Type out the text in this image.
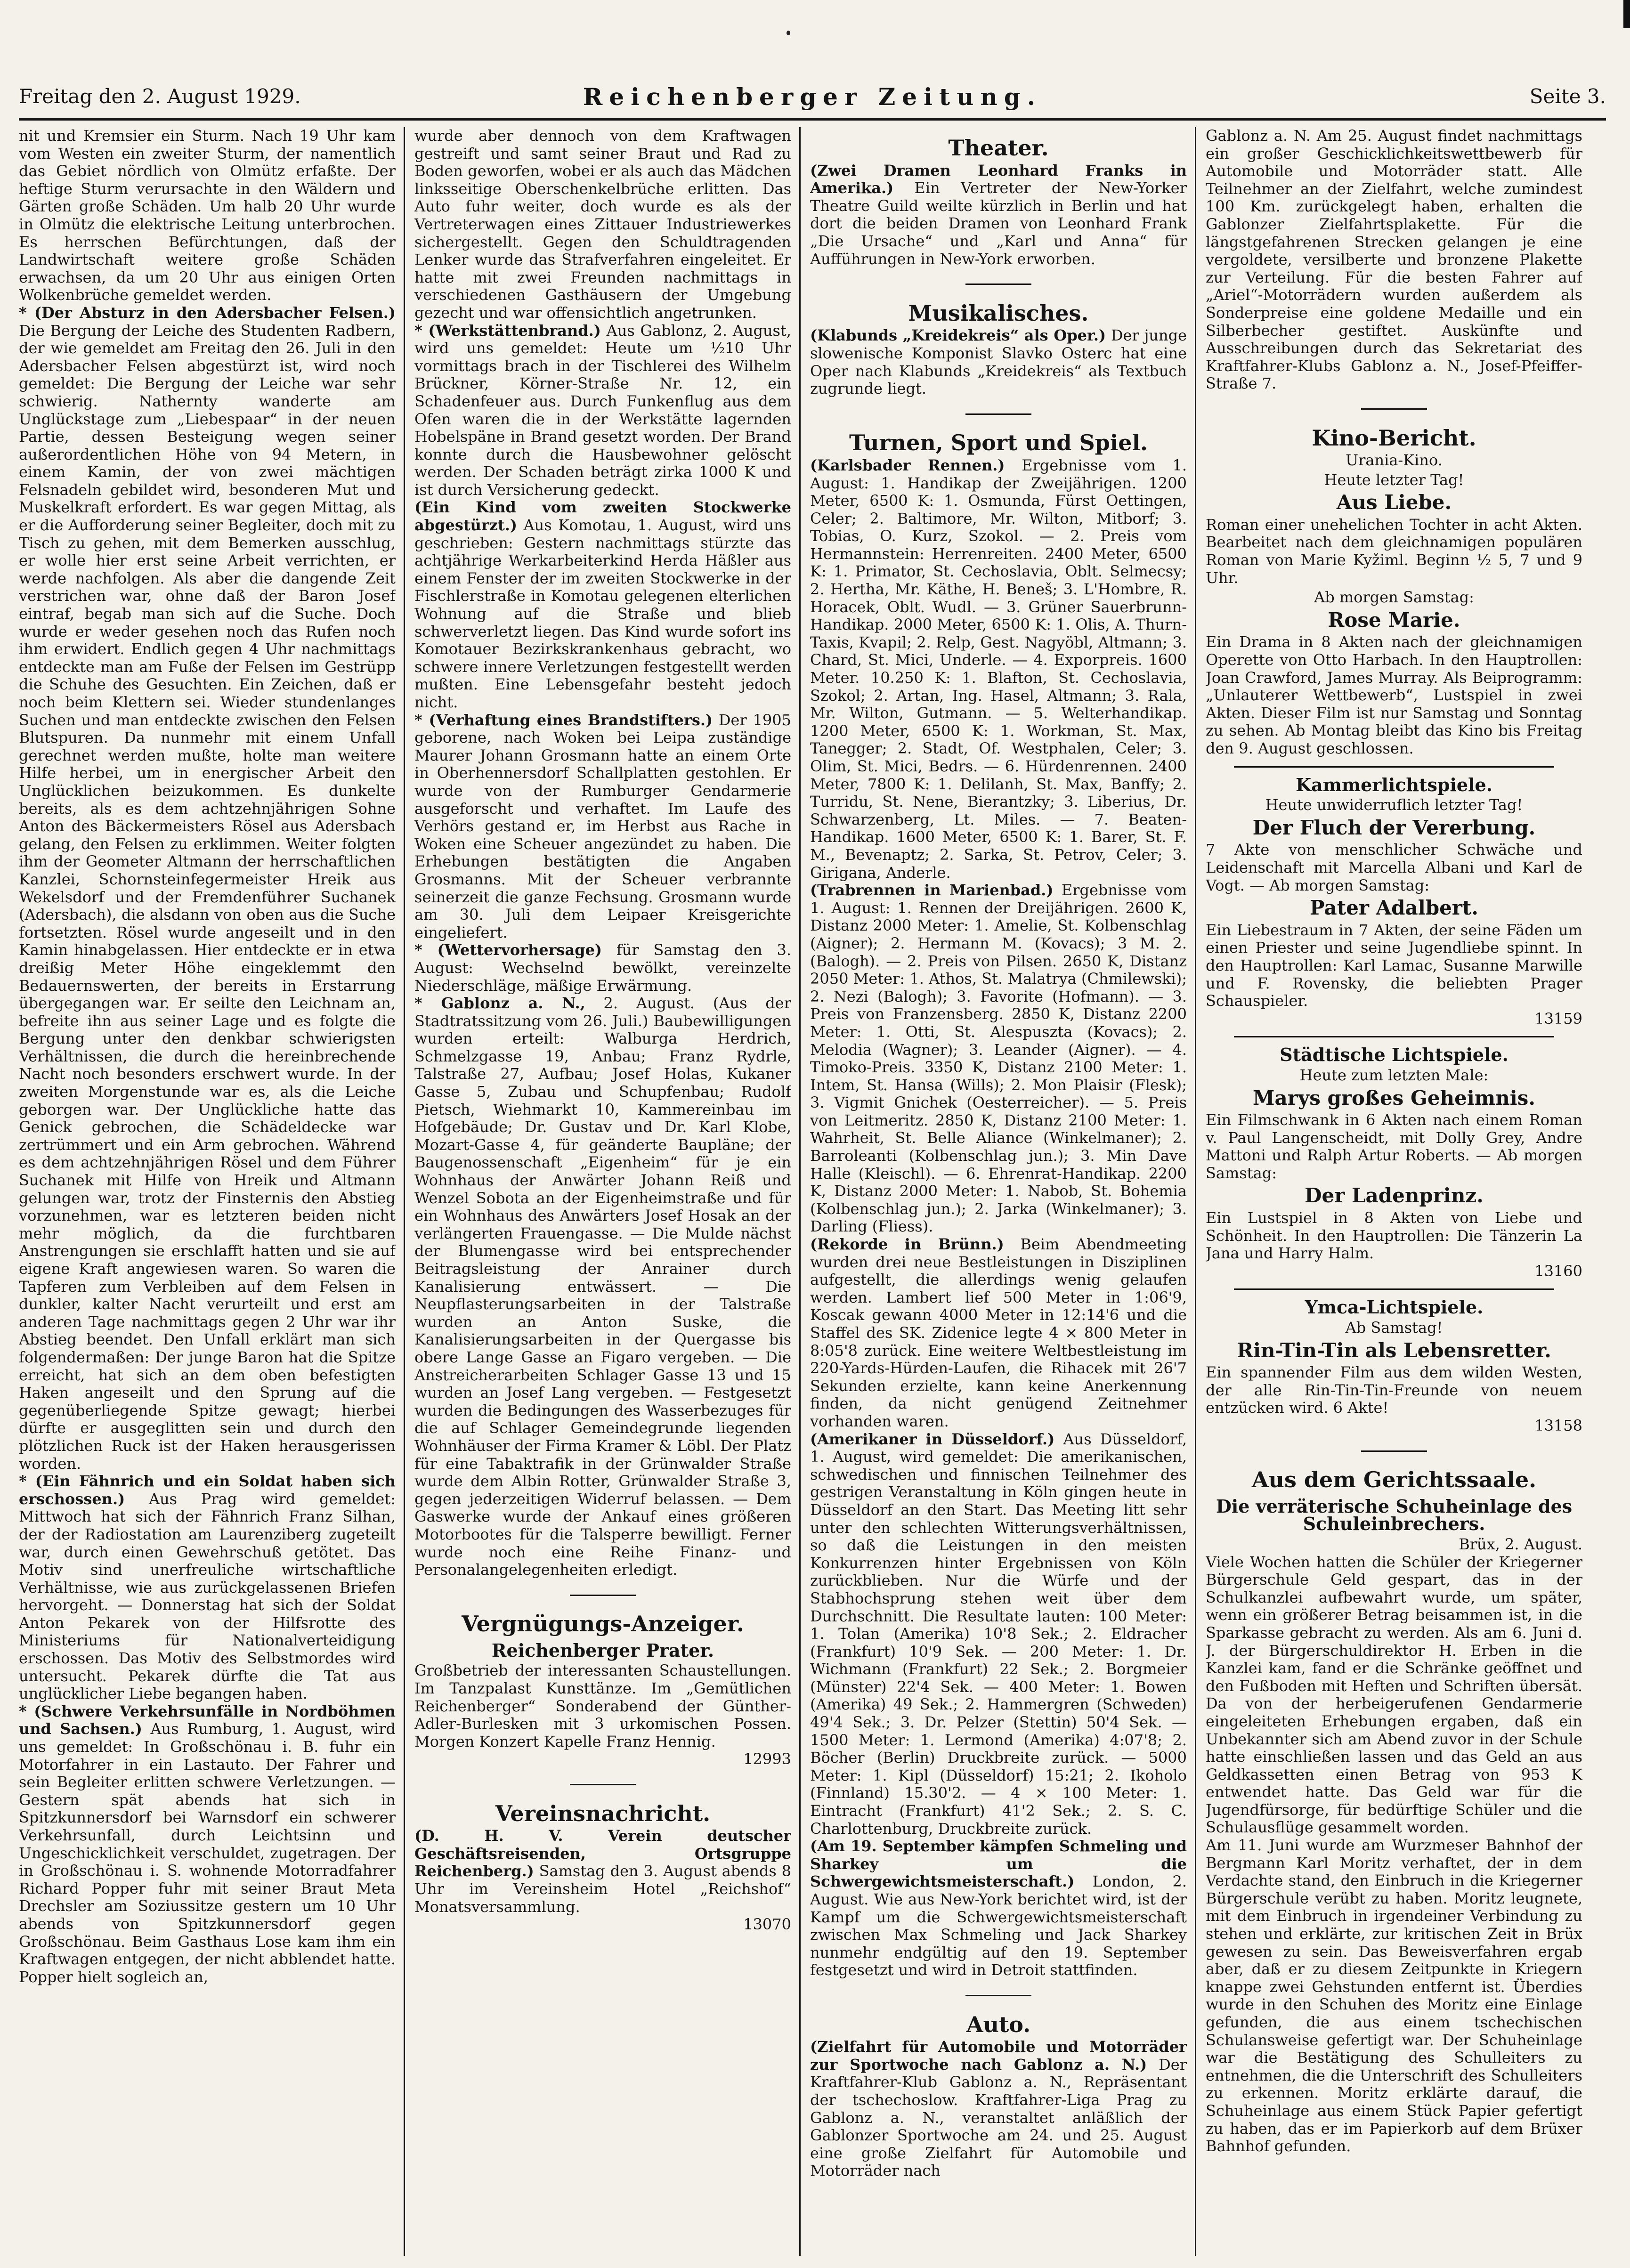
Freitag den 2. August 1929.	Reichenberger Zeitung.	Seite 3.

nit und Kremsier ein Sturm. Nach 19 Uhr kam vom Westen ein zweiter Sturm, der namentlich das Gebiet nördlich von Olmütz erfaßte. Der heftige Sturm verursachte in den Wäldern und Gärten große Schäden. Um halb 20 Uhr wurde in Olmütz die elektrische Leitung unterbrochen. Es herrschen Befürchtungen, daß der Landwirtschaft weitere große Schäden erwachsen, da um 20 Uhr aus einigen Orten Wolkenbrüche gemeldet werden.

* (Der Absturz in den Adersbacher Felsen.) Die Bergung der Leiche des Studenten Radbern, der wie gemeldet am Freitag den 26. Juli in den Adersbacher Felsen abgestürzt ist, wird noch gemeldet: Die Bergung der Leiche war sehr schwierig. Nathernty wanderte am Unglückstage zum „Liebespaar“ in der neuen Partie, dessen Besteigung wegen seiner außerordentlichen Höhe von 94 Metern, in einem Kamin, der von zwei mächtigen Felsnadeln gebildet wird, besonderen Mut und Muskelkraft erfordert. Es war gegen Mittag, als er die Aufforderung seiner Begleiter, doch mit zu Tisch zu gehen, mit dem Bemerken ausschlug, er wolle hier erst seine Arbeit verrichten, er werde nachfolgen. Als aber die dangende Zeit verstrichen war, ohne daß der Baron Josef eintraf, begab man sich auf die Suche. Doch wurde er weder gesehen noch das Rufen noch ihm erwidert. Endlich gegen 4 Uhr nachmittags entdeckte man am Fuße der Felsen im Gestrüpp die Schuhe des Gesuchten. Ein Zeichen, daß er noch beim Klettern sei. Wieder stundenlanges Suchen und man entdeckte zwischen den Felsen Blutspuren. Da nunmehr mit einem Unfall gerechnet werden mußte, holte man weitere Hilfe herbei, um in energischer Arbeit den Unglücklichen beizukommen. Es dunkelte bereits, als es dem achtzehnjährigen Sohne Anton des Bäckermeisters Rösel aus Adersbach gelang, den Felsen zu erklimmen. Weiter folgten ihm der Geometer Altmann der herrschaftlichen Kanzlei, Schornsteinfegermeister Hreik aus Wekelsdorf und der Fremdenführer Suchanek (Adersbach), die alsdann von oben aus die Suche fortsetzten. Rösel wurde angeseilt und in den Kamin hinabgelassen. Hier entdeckte er in etwa dreißig Meter Höhe eingeklemmt den Bedauernswerten, der bereits in Erstarrung übergegangen war. Er seilte den Leichnam an, befreite ihn aus seiner Lage und es folgte die Bergung unter den denkbar schwierigsten Verhältnissen, die durch die hereinbrechende Nacht noch besonders erschwert wurde. In der zweiten Morgenstunde war es, als die Leiche geborgen war. Der Unglückliche hatte das Genick gebrochen, die Schädeldecke war zertrümmert und ein Arm gebrochen. Während es dem achtzehnjährigen Rösel und dem Führer Suchanek mit Hilfe von Hreik und Altmann gelungen war, trotz der Finsternis den Abstieg vorzunehmen, war es letzteren beiden nicht mehr möglich, da die furchtbaren Anstrengungen sie erschlafft hatten und sie auf eigene Kraft angewiesen waren. So waren die Tapferen zum Verbleiben auf dem Felsen in dunkler, kalter Nacht verurteilt und erst am anderen Tage nachmittags gegen 2 Uhr war ihr Abstieg beendet. Den Unfall erklärt man sich folgendermaßen: Der junge Baron hat die Spitze erreicht, hat sich an dem oben befestigten Haken angeseilt und den Sprung auf die gegenüberliegende Spitze gewagt; hierbei dürfte er ausgeglitten sein und durch den plötzlichen Ruck ist der Haken herausgerissen worden.

* (Ein Fähnrich und ein Soldat haben sich erschossen.) Aus Prag wird gemeldet: Mittwoch hat sich der Fähnrich Franz Silhan, der der Radiostation am Laurenziberg zugeteilt war, durch einen Gewehrschuß getötet. Das Motiv sind unerfreuliche wirtschaftliche Verhältnisse, wie aus zurückgelassenen Briefen hervorgeht. — Donnerstag hat sich der Soldat Anton Pekarek von der Hilfsrotte des Ministeriums für Nationalverteidigung erschossen. Das Motiv des Selbstmordes wird untersucht. Pekarek dürfte die Tat aus unglücklicher Liebe begangen haben.

* (Schwere Verkehrsunfälle in Nordböhmen und Sachsen.) Aus Rumburg, 1. August, wird uns gemeldet: In Großschönau i. B. fuhr ein Motorfahrer in ein Lastauto. Der Fahrer und sein Begleiter erlitten schwere Verletzungen. — Gestern spät abends hat sich in Spitzkunnersdorf bei Warnsdorf ein schwerer Verkehrsunfall, durch Leichtsinn und Ungeschicklichkeit verschuldet, zugetragen. Der in Großschönau i. S. wohnende Motorradfahrer Richard Popper fuhr mit seiner Braut Meta Drechsler am Soziussitze gestern um 10 Uhr abends von Spitzkunnersdorf gegen Großschönau. Beim Gasthaus Lose kam ihm ein Kraftwagen entgegen, der nicht abblendet hatte. Popper hielt sogleich an,

wurde aber dennoch von dem Kraftwagen gestreift und samt seiner Braut und Rad zu Boden geworfen, wobei er als auch das Mädchen linksseitige Oberschenkelbrüche erlitten. Das Auto fuhr weiter, doch wurde es als der Vertreterwagen eines Zittauer Industriewerkes sichergestellt. Gegen den Schuldtragenden Lenker wurde das Strafverfahren eingeleitet. Er hatte mit zwei Freunden nachmittags in verschiedenen Gasthäusern der Umgebung gezecht und war offensichtlich angetrunken.

* (Werkstättenbrand.) Aus Gablonz, 2. August, wird uns gemeldet: Heute um ½10 Uhr vormittags brach in der Tischlerei des Wilhelm Brückner, Körner-Straße Nr. 12, ein Schadenfeuer aus. Durch Funkenflug aus dem Ofen waren die in der Werkstätte lagernden Hobelspäne in Brand gesetzt worden. Der Brand konnte durch die Hausbewohner gelöscht werden. Der Schaden beträgt zirka 1000 K und ist durch Versicherung gedeckt.

(Ein Kind vom zweiten Stockwerke abgestürzt.) Aus Komotau, 1. August, wird uns geschrieben: Gestern nachmittags stürzte das achtjährige Werkarbeiterkind Herda Häßler aus einem Fenster der im zweiten Stockwerke in der Fischlerstraße in Komotau gelegenen elterlichen Wohnung auf die Straße und blieb schwerverletzt liegen. Das Kind wurde sofort ins Komotauer Bezirkskrankenhaus gebracht, wo schwere innere Verletzungen festgestellt werden mußten. Eine Lebensgefahr besteht jedoch nicht.

* (Verhaftung eines Brandstifters.) Der 1905 geborene, nach Woken bei Leipa zuständige Maurer Johann Grosmann hatte an einem Orte in Oberhennersdorf Schallplatten gestohlen. Er wurde von der Rumburger Gendarmerie ausgeforscht und verhaftet. Im Laufe des Verhörs gestand er, im Herbst aus Rache in Woken eine Scheuer angezündet zu haben. Die Erhebungen bestätigten die Angaben Grosmanns. Mit der Scheuer verbrannte seinerzeit die ganze Fechsung. Grosmann wurde am 30. Juli dem Leipaer Kreisgerichte eingeliefert.

* (Wettervorhersage) für Samstag den 3. August: Wechselnd bewölkt, vereinzelte Niederschläge, mäßige Erwärmung.

* Gablonz a. N., 2. August. (Aus der Stadtratssitzung vom 26. Juli.) Baubewilligungen wurden erteilt: Walburga Herdrich, Schmelzgasse 19, Anbau; Franz Rydrle, Talstraße 27, Aufbau; Josef Holas, Kukaner Gasse 5, Zubau und Schupfenbau; Rudolf Pietsch, Wiehmarkt 10, Kammereinbau im Hofgebäude; Dr. Gustav und Dr. Karl Klobe, Mozart-Gasse 4, für geänderte Baupläne; der Baugenossenschaft „Eigenheim“ für je ein Wohnhaus der Anwärter Johann Reiß und Wenzel Sobota an der Eigenheimstraße und für ein Wohnhaus des Anwärters Josef Hosak an der verlängerten Frauengasse. — Die Mulde nächst der Blumengasse wird bei entsprechender Beitragsleistung der Anrainer durch Kanalisierung entwässert. — Die Neupflasterungsarbeiten in der Talstraße wurden an Anton Suske, die Kanalisierungsarbeiten in der Quergasse bis obere Lange Gasse an Figaro vergeben. — Die Anstreicherarbeiten Schlager Gasse 13 und 15 wurden an Josef Lang vergeben. — Festgesetzt wurden die Bedingungen des Wasserbezuges für die auf Schlager Gemeindegrunde liegenden Wohnhäuser der Firma Kramer & Löbl. Der Platz für eine Tabaktrafik in der Grünwalder Straße wurde dem Albin Rotter, Grünwalder Straße 3, gegen jederzeitigen Widerruf belassen. — Dem Gaswerke wurde der Ankauf eines größeren Motorbootes für die Talsperre bewilligt. Ferner wurde noch eine Reihe Finanz- und Personalangelegenheiten erledigt.

Vergnügungs-Anzeiger.
Reichenberger Prater.

Großbetrieb der interessanten Schaustellungen. Im Tanzpalast Kunsttänze. Im „Gemütlichen Reichenberger“ Sonderabend der Günther-Adler-Burlesken mit 3 urkomischen Possen. Morgen Konzert Kapelle Franz Hennig.

12993
Vereinsnachricht.

(D. H. V. Verein deutscher Geschäftsreisenden, Ortsgruppe Reichenberg.) Samstag den 3. August abends 8 Uhr im Vereinsheim Hotel „Reichshof“ Monatsversammlung.

13070
Theater.

(Zwei Dramen Leonhard Franks in Amerika.) Ein Vertreter der New-Yorker Theatre Guild weilte kürzlich in Berlin und hat dort die beiden Dramen von Leonhard Frank „Die Ursache“ und „Karl und Anna“ für Aufführungen in New-York erworben.

Musikalisches.

(Klabunds „Kreidekreis“ als Oper.) Der junge slowenische Komponist Slavko Osterc hat eine Oper nach Klabunds „Kreidekreis“ als Textbuch zugrunde liegt.

Turnen, Sport und Spiel.

(Karlsbader Rennen.) Ergebnisse vom 1. August: 1. Handikap der Zweijährigen. 1200 Meter, 6500 K: 1. Osmunda, Fürst Oettingen, Celer; 2. Baltimore, Mr. Wilton, Mitborf; 3. Tobias, O. Kurz, Szokol. — 2. Preis vom Hermannstein: Herrenreiten. 2400 Meter, 6500 K: 1. Primator, St. Cechoslavia, Oblt. Selmecsy; 2. Hertha, Mr. Käthe, H. Beneš; 3. L'Hombre, R. Horacek, Oblt. Wudl. — 3. Grüner Sauerbrunn-Handikap. 2000 Meter, 6500 K: 1. Olis, A. Thurn-Taxis, Kvapil; 2. Relp, Gest. Nagyöbl, Altmann; 3. Chard, St. Mici, Underle. — 4. Exporpreis. 1600 Meter. 10.250 K: 1. Blafton, St. Cechoslavia, Szokol; 2. Artan, Ing. Hasel, Altmann; 3. Rala, Mr. Wilton, Gutmann. — 5. Welterhandikap. 1200 Meter, 6500 K: 1. Workman, St. Max, Tanegger; 2. Stadt, Of. Westphalen, Celer; 3. Olim, St. Mici, Bedrs. — 6. Hürdenrennen. 2400 Meter, 7800 K: 1. Delilanh, St. Max, Banffy; 2. Turridu, St. Nene, Bierantzky; 3. Liberius, Dr. Schwarzenberg, Lt. Miles. — 7. Beaten-Handikap. 1600 Meter, 6500 K: 1. Barer, St. F. M., Bevenaptz; 2. Sarka, St. Petrov, Celer; 3. Girigana, Anderle.

(Trabrennen in Marienbad.) Ergebnisse vom 1. August: 1. Rennen der Dreijährigen. 2600 K, Distanz 2000 Meter: 1. Amelie, St. Kolbenschlag (Aigner); 2. Hermann M. (Kovacs); 3 M. 2. (Balogh). — 2. Preis von Pilsen. 2650 K, Distanz 2050 Meter: 1. Athos, St. Malatrya (Chmilewski); 2. Nezi (Balogh); 3. Favorite (Hofmann). — 3. Preis von Franzensberg. 2850 K, Distanz 2200 Meter: 1. Otti, St. Alespuszta (Kovacs); 2. Melodia (Wagner); 3. Leander (Aigner). — 4. Timoko-Preis. 3350 K, Distanz 2100 Meter: 1. Intem, St. Hansa (Wills); 2. Mon Plaisir (Flesk); 3. Vigmit Gnichek (Oesterreicher). — 5. Preis von Leitmeritz. 2850 K, Distanz 2100 Meter: 1. Wahrheit, St. Belle Aliance (Winkelmaner); 2. Barroleanti (Kolbenschlag jun.); 3. Min Dave Halle (Kleischl). — 6. Ehrenrat-Handikap. 2200 K, Distanz 2000 Meter: 1. Nabob, St. Bohemia (Kolbenschlag jun.); 2. Jarka (Winkelmaner); 3. Darling (Fliess).

(Rekorde in Brünn.) Beim Abendmeeting wurden drei neue Bestleistungen in Disziplinen aufgestellt, die allerdings wenig gelaufen werden. Lambert lief 500 Meter in 1:06'9, Koscak gewann 4000 Meter in 12:14'6 und die Staffel des SK. Zidenice legte 4 × 800 Meter in 8:05'8 zurück. Eine weitere Weltbestleistung im 220-Yards-Hürden-Laufen, die Rihacek mit 26'7 Sekunden erzielte, kann keine Anerkennung finden, da nicht genügend Zeitnehmer vorhanden waren.

(Amerikaner in Düsseldorf.) Aus Düsseldorf, 1. August, wird gemeldet: Die amerikanischen, schwedischen und finnischen Teilnehmer des gestrigen Veranstaltung in Köln gingen heute in Düsseldorf an den Start. Das Meeting litt sehr unter den schlechten Witterungsverhältnissen, so daß die Leistungen in den meisten Konkurrenzen hinter Ergebnissen von Köln zurückblieben. Nur die Würfe und der Stabhochsprung stehen weit über dem Durchschnitt. Die Resultate lauten: 100 Meter: 1. Tolan (Amerika) 10'8 Sek.; 2. Eldracher (Frankfurt) 10'9 Sek. — 200 Meter: 1. Dr. Wichmann (Frankfurt) 22 Sek.; 2. Borgmeier (Münster) 22'4 Sek. — 400 Meter: 1. Bowen (Amerika) 49 Sek.; 2. Hammergren (Schweden) 49'4 Sek.; 3. Dr. Pelzer (Stettin) 50'4 Sek. — 1500 Meter: 1. Lermond (Amerika) 4:07'8; 2. Böcher (Berlin) Druckbreite zurück. — 5000 Meter: 1. Kipl (Düsseldorf) 15:21; 2. Ikoholo (Finnland) 15.30'2. — 4 × 100 Meter: 1. Eintracht (Frankfurt) 41'2 Sek.; 2. S. C. Charlottenburg, Druckbreite zurück.

(Am 19. September kämpfen Schmeling und Sharkey um die Schwergewichtsmeisterschaft.) London, 2. August. Wie aus New-York berichtet wird, ist der Kampf um die Schwergewichtsmeisterschaft zwischen Max Schmeling und Jack Sharkey nunmehr endgültig auf den 19. September festgesetzt und wird in Detroit stattfinden.

Auto.

(Zielfahrt für Automobile und Motorräder zur Sportwoche nach Gablonz a. N.) Der Kraftfahrer-Klub Gablonz a. N., Repräsentant der tschechoslow. Kraftfahrer-Liga Prag zu Gablonz a. N., veranstaltet anläßlich der Gablonzer Sportwoche am 24. und 25. August eine große Zielfahrt für Automobile und Motorräder nach

Gablonz a. N. Am 25. August findet nachmittags ein großer Geschicklichkeitswettbewerb für Automobile und Motorräder statt. Alle Teilnehmer an der Zielfahrt, welche zumindest 100 Km. zurückgelegt haben, erhalten die Gablonzer Zielfahrtsplakette. Für die längstgefahrenen Strecken gelangen je eine vergoldete, versilberte und bronzene Plakette zur Verteilung. Für die besten Fahrer auf „Ariel“-Motorrädern wurden außerdem als Sonderpreise eine goldene Medaille und ein Silberbecher gestiftet. Auskünfte und Ausschreibungen durch das Sekretariat des Kraftfahrer-Klubs Gablonz a. N., Josef-Pfeiffer-Straße 7.

Kino-Bericht.
Urania-Kino.
Heute letzter Tag!
Aus Liebe.

Roman einer unehelichen Tochter in acht Akten. Bearbeitet nach dem gleichnamigen populären Roman von Marie Kyžiml. Beginn ½ 5, 7 und 9 Uhr.

Ab morgen Samstag:
Rose Marie.

Ein Drama in 8 Akten nach der gleichnamigen Operette von Otto Harbach. In den Hauptrollen: Joan Crawford, James Murray. Als Beiprogramm: „Unlauterer Wettbewerb“, Lustspiel in zwei Akten. Dieser Film ist nur Samstag und Sonntag zu sehen. Ab Montag bleibt das Kino bis Freitag den 9. August geschlossen.

Kammerlichtspiele.
Heute unwiderruflich letzter Tag!
Der Fluch der Vererbung.

7 Akte von menschlicher Schwäche und Leidenschaft mit Marcella Albani und Karl de Vogt. — Ab morgen Samstag:

Pater Adalbert.

Ein Liebestraum in 7 Akten, der seine Fäden um einen Priester und seine Jugendliebe spinnt. In den Hauptrollen: Karl Lamac, Susanne Marwille und F. Rovensky, die beliebten Prager Schauspieler.

13159
Städtische Lichtspiele.
Heute zum letzten Male:
Marys großes Geheimnis.

Ein Filmschwank in 6 Akten nach einem Roman v. Paul Langenscheidt, mit Dolly Grey, Andre Mattoni und Ralph Artur Roberts. — Ab morgen Samstag:

Der Ladenprinz.

Ein Lustspiel in 8 Akten von Liebe und Schönheit. In den Hauptrollen: Die Tänzerin La Jana und Harry Halm.

13160
Ymca-Lichtspiele.
Ab Samstag!
Rin-Tin-Tin als Lebensretter.

Ein spannender Film aus dem wilden Westen, der alle Rin-Tin-Tin-Freunde von neuem entzücken wird. 6 Akte!

13158
Aus dem Gerichtssaale.
Die verräterische Schuheinlage des Schuleinbrechers.
Brüx, 2. August.

Viele Wochen hatten die Schüler der Kriegerner Bürgerschule Geld gespart, das in der Schulkanzlei aufbewahrt wurde, um später, wenn ein größerer Betrag beisammen ist, in die Sparkasse gebracht zu werden. Als am 6. Juni d. J. der Bürgerschuldirektor H. Erben in die Kanzlei kam, fand er die Schränke geöffnet und den Fußboden mit Heften und Schriften übersät. Da von der herbeigerufenen Gendarmerie eingeleiteten Erhebungen ergaben, daß ein Unbekannter sich am Abend zuvor in der Schule hatte einschließen lassen und das Geld an aus Geldkassetten einen Betrag von 953 K entwendet hatte. Das Geld war für die Jugendfürsorge, für bedürftige Schüler und die Schulausflüge gesammelt worden.

Am 11. Juni wurde am Wurzmeser Bahnhof der Bergmann Karl Moritz verhaftet, der in dem Verdachte stand, den Einbruch in die Kriegerner Bürgerschule verübt zu haben. Moritz leugnete, mit dem Einbruch in irgendeiner Verbindung zu stehen und erklärte, zur kritischen Zeit in Brüx gewesen zu sein. Das Beweisverfahren ergab aber, daß er zu diesem Zeitpunkte in Kriegern knappe zwei Gehstunden entfernt ist. Überdies wurde in den Schuhen des Moritz eine Einlage gefunden, die aus einem tschechischen Schulansweise gefertigt war. Der Schuheinlage war die Bestätigung des Schulleiters zu entnehmen, die die Unterschrift des Schulleiters zu erkennen. Moritz erklärte darauf, die Schuheinlage aus einem Stück Papier gefertigt zu haben, das er im Papierkorb auf dem Brüxer Bahnhof gefunden.
